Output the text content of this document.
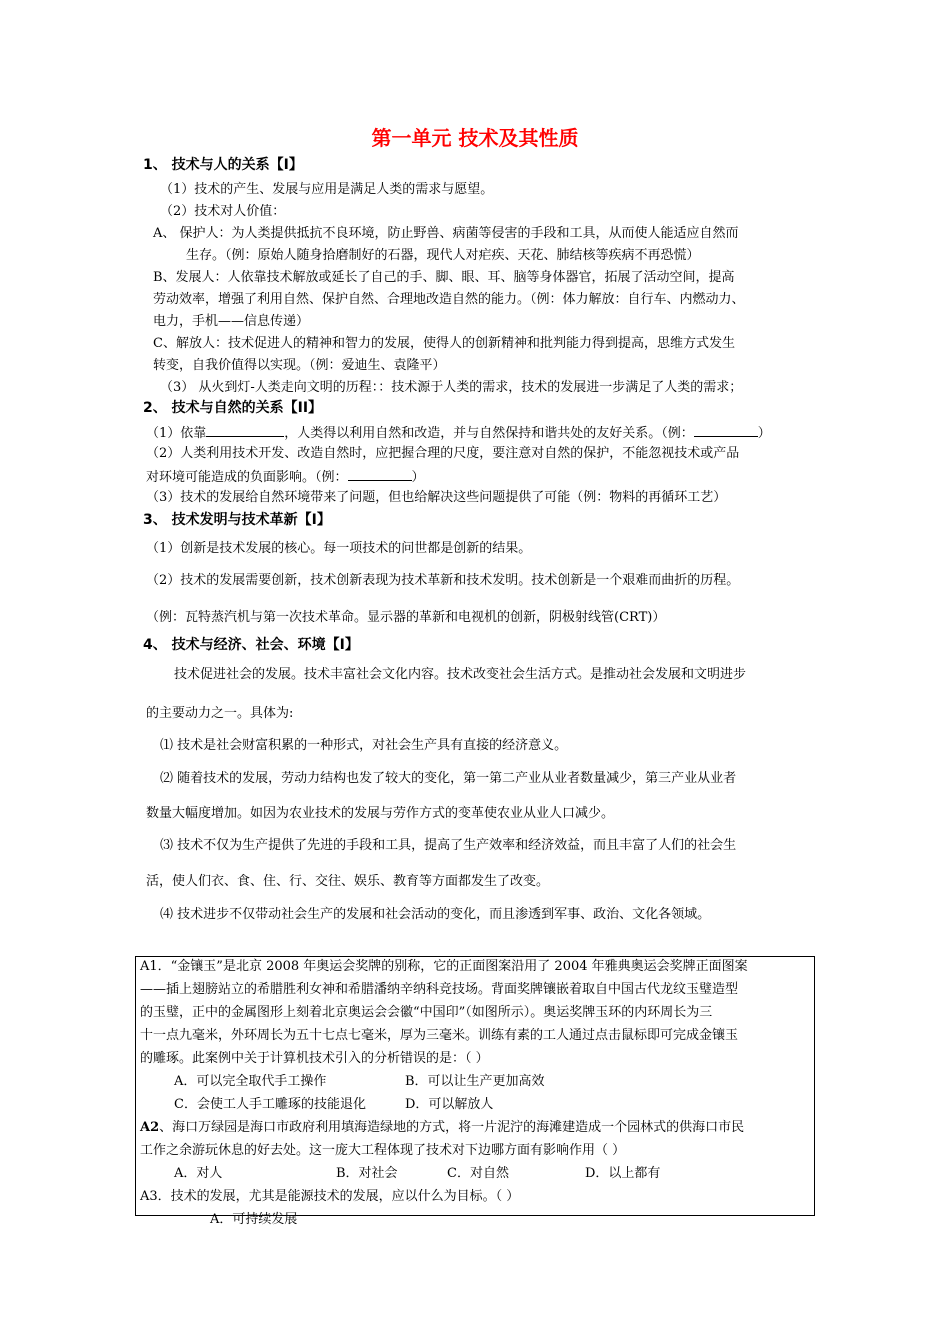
第一单元 技术及其性质
1、 技术与人的关系【I】
（1）技术的产生、发展与应用是满足人类的需求与愿望。
（2）技术对人价值：
A、 保护人：为人类提供抵抗不良环境，防止野兽、病菌等侵害的手段和工具，从而使人能适应自然而
生存。（例：原始人随身拾磨制好的石器，现代人对疟疾、天花、肺结核等疾病不再恐慌）
B、发展人：人依靠技术解放或延长了自己的手、脚、眼、耳、脑等身体器官，拓展了活动空间，提高
劳动效率，增强了利用自然、保护自然、合理地改造自然的能力。（例：体力解放：自行车、内燃动力、
电力，手机——信息传递）
C、解放人：技术促进人的精神和智力的发展，使得人的创新精神和批判能力得到提高，思维方式发生
转变，自我价值得以实现。（例：爱迪生、袁隆平）
（3） 从火到灯-人类走向文明的历程：：技术源于人类的需求，技术的发展进一步满足了人类的需求；
2、 技术与自然的关系【II】
（1）依靠	，人类得以利用自然和改造，并与自然保持和谐共处的友好关系。（例：	）
（2）人类利用技术开发、改造自然时，应把握合理的尺度，要注意对自然的保护，不能忽视技术或产品
对环境可能造成的负面影响。（例：	）
（3）技术的发展给自然环境带来了问题，但也给解决这些问题提供了可能（例：物料的再循环工艺）
3、 技术发明与技术革新【I】
（1）创新是技术发展的核心。每一项技术的问世都是创新的结果。
（2）技术的发展需要创新，技术创新表现为技术革新和技术发明。技术创新是一个艰难而曲折的历程。
（例：瓦特蒸汽机与第一次技术革命。显示器的革新和电视机的创新，阴极射线管(CRT)）
4、 技术与经济、社会、环境【I】
技术促进社会的发展。技术丰富社会文化内容。技术改变社会生活方式。是推动社会发展和文明进步
的主要动力之一。具体为:
⑴ 技术是社会财富积累的一种形式，对社会生产具有直接的经济意义。
⑵ 随着技术的发展，劳动力结构也发了较大的变化，第一第二产业从业者数量减少，第三产业从业者
数量大幅度增加。如因为农业技术的发展与劳作方式的变革使农业从业人口减少。
⑶ 技术不仅为生产提供了先进的手段和工具，提高了生产效率和经济效益，而且丰富了人们的社会生
活，使人们衣、食、住、行、交往、娱乐、教育等方面都发生了改变。
⑷ 技术进步不仅带动社会生产的发展和社会活动的变化，而且渗透到军事、政治、文化各领域。
A1．“金镶玉”是北京 2008 年奥运会奖牌的别称，它的正面图案沿用了 2004 年雅典奥运会奖牌正面图案
——插上翅膀站立的希腊胜利女神和希腊潘纳辛纳科竞技场。背面奖牌镶嵌着取自中国古代龙纹玉璧造型
的玉璧，正中的金属图形上刻着北京奥运会会徽“中国印”（如图所示）。奥运奖牌玉环的内环周长为三
十一点九毫米，外环周长为五十七点七毫米，厚为三毫米。训练有素的工人通过点击鼠标即可完成金镶玉
的雕琢。此案例中关于计算机技术引入的分析错误的是：（ ）
A．可以完全取代手工操作	B．可以让生产更加高效
C．会使工人手工雕琢的技能退化	D．可以解放人
A2、海口万绿园是海口市政府利用填海造绿地的方式，将一片泥泞的海滩建造成一个园林式的供海口市民
工作之余游玩休息的好去处。这一庞大工程体现了技术对下边哪方面有影响作用（ ）
A．对人	B．对社会	C．对自然	D．以上都有
A3．技术的发展，尤其是能源技术的发展，应以什么为目标。（ ）
A．可持续发展
